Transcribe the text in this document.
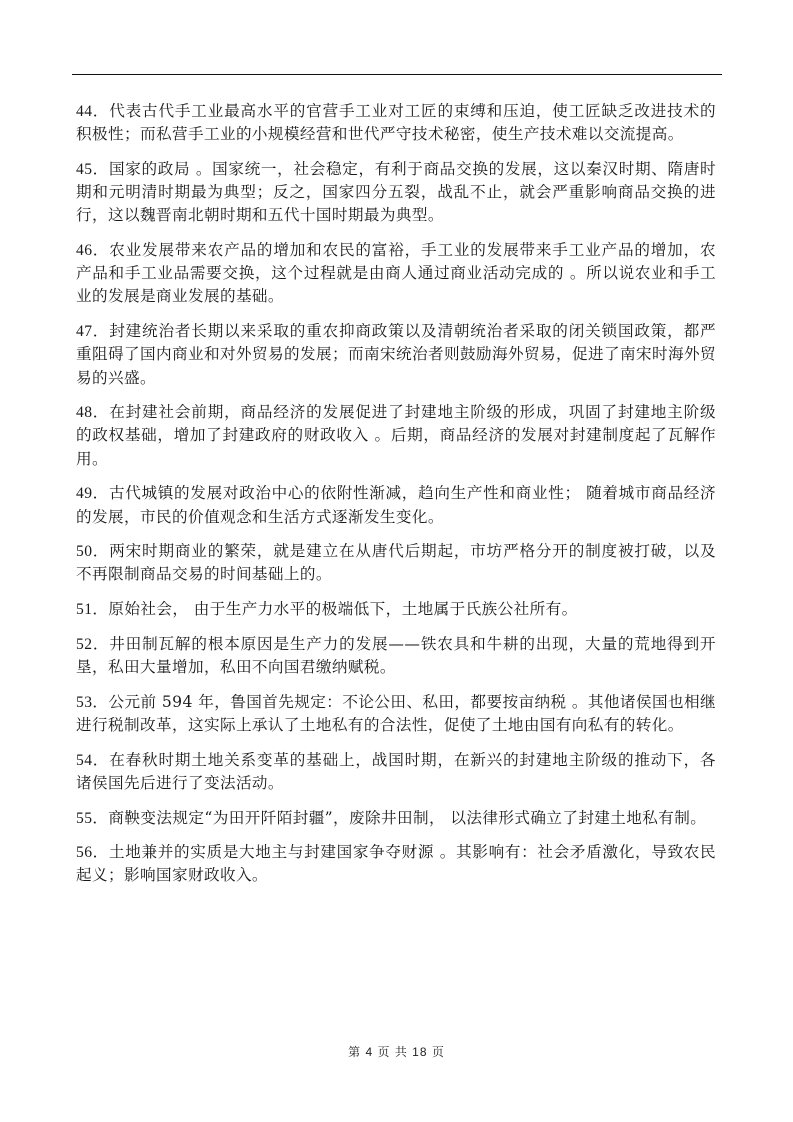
44．代表古代手工业最高水平的官营手工业对工匠的束缚和压迫，使工匠缺乏改进技术的积极性；而私营手工业的小规模经营和世代严守技术秘密，使生产技术难以交流提高。

45．国家的政局 。国家统一，社会稳定，有利于商品交换的发展，这以秦汉时期、隋唐时期和元明清时期最为典型；反之，国家四分五裂，战乱不止，就会严重影响商品交换的进行，这以魏晋南北朝时期和五代十国时期最为典型。

46．农业发展带来农产品的增加和农民的富裕，手工业的发展带来手工业产品的增加，农产品和手工业品需要交换，这个过程就是由商人通过商业活动完成的 。所以说农业和手工业的发展是商业发展的基础。

47．封建统治者长期以来采取的重农抑商政策以及清朝统治者采取的闭关锁国政策，都严重阻碍了国内商业和对外贸易的发展；而南宋统治者则鼓励海外贸易，促进了南宋时海外贸易的兴盛。

48．在封建社会前期，商品经济的发展促进了封建地主阶级的形成，巩固了封建地主阶级的政权基础，增加了封建政府的财政收入 。后期，商品经济的发展对封建制度起了瓦解作用。

49．古代城镇的发展对政治中心的依附性渐减，趋向生产性和商业性； 随着城市商品经济的发展，市民的价值观念和生活方式逐渐发生变化。

50．两宋时期商业的繁荣，就是建立在从唐代后期起，市坊严格分开的制度被打破，以及不再限制商品交易的时间基础上的。

51．原始社会， 由于生产力水平的极端低下，土地属于氏族公社所有。

52．井田制瓦解的根本原因是生产力的发展——铁农具和牛耕的出现，大量的荒地得到开垦，私田大量增加，私田不向国君缴纳赋税。

53．公元前 594 年，鲁国首先规定：不论公田、私田，都要按亩纳税 。其他诸侯国也相继进行税制改革，这实际上承认了土地私有的合法性，促使了土地由国有向私有的转化。

54．在春秋时期土地关系变革的基础上，战国时期，在新兴的封建地主阶级的推动下，各诸侯国先后进行了变法活动。

55．商鞅变法规定“为田开阡陌封疆”，废除井田制， 以法律形式确立了封建土地私有制。

56．土地兼并的实质是大地主与封建国家争夺财源 。其影响有：社会矛盾激化，导致农民起义；影响国家财政收入。

第 4 页 共 18 页
